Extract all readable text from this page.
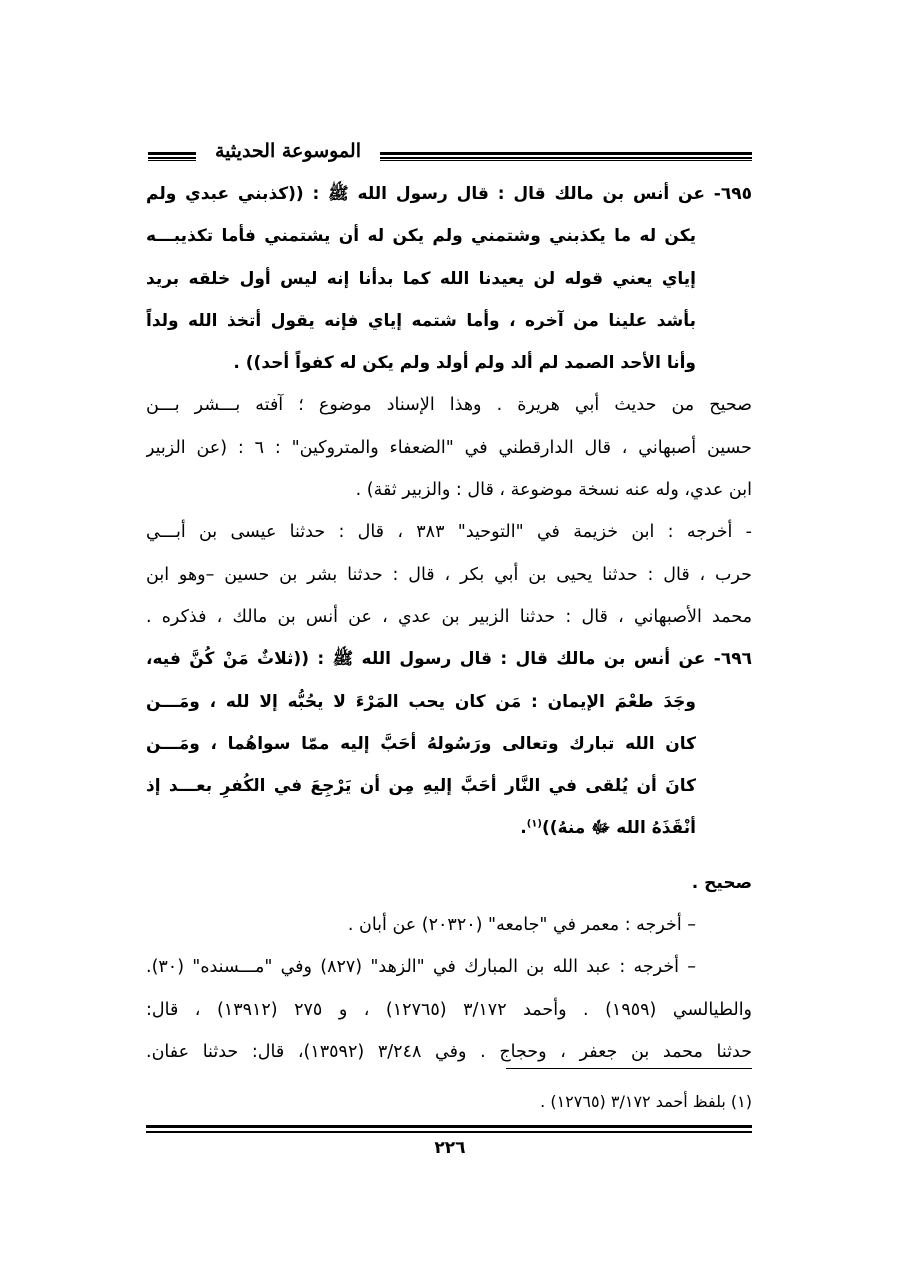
الموسوعة الحديثية
٦٩٥- عن أنس بن مالك قال : قال رسول الله ﷺ : ((كذبني عبدي ولم
يكن له ما يكذبني وشتمني ولم يكن له أن يشتمني فأما تكذيبـــه
إياي يعني قوله لن يعيدنا الله كما بدأنا إنه ليس أول خلقه بريد
بأشد علينا من آخره ، وأما شتمه إياي فإنه يقول أتخذ الله ولداً
وأنا الأحد الصمد لم ألد ولم أولد ولم يكن له كفواً أحد)) .
صحيح من حديث أبي هريرة . وهذا الإسناد موضوع ؛ آفته بـــشر بـــن
حسين أصبهاني ، قال الدارقطني في "الضعفاء والمتروكين" : ٦ : (عن الزبير
ابن عدي، وله عنه نسخة موضوعة ، قال : والزبير ثقة) .
- أخرجه : ابن خزيمة في "التوحيد" ٣٨٣ ، قال : حدثنا عيسى بن أبـــي
حرب ، قال : حدثنا يحيى بن أبي بكر ، قال : حدثنا بشر بن حسين –وهو ابن
محمد الأصبهاني ، قال : حدثنا الزبير بن عدي ، عن أنس بن مالك ، فذكره .
٦٩٦- عن أنس بن مالك قال : قال رسول الله ﷺ : ((ثلاثٌ مَنْ كُنَّ فيه،
وجَدَ طعْمَ الإيمان : مَن كان يحب المَرْءَ لا يحُبُّه إلا لله ، ومَـــن
كان الله تبارك وتعالى ورَسُولهُ أحَبَّ إليه ممّا سواهُما ، ومَـــن
كانَ أن يُلقى في النَّار أحَبَّ إليهِ مِن أن يَرْجِعَ في الكُفرِ بعـــد إذ
أنْقَذَهُ الله ﷻ منهُ))$^{(١)}$.
صحيح .
– أخرجه : معمر في "جامعه" (٢٠٣٢٠) عن أبان .
– أخرجه : عبد الله بن المبارك في "الزهد" (٨٢٧) وفي "مـــسنده" (٣٠).
والطيالسي (١٩٥٩) . وأحمد ٣/١٧٢ (١٢٧٦٥) ، و ٢٧٥ (١٣٩١٢) ، قال:
حدثنا محمد بن جعفر ، وحجاج . وفي ٣/٢٤٨ (١٣٥٩٢)، قال: حدثنا عفان.
(١) بلفظ أحمد ٣/١٧٢ (١٢٧٦٥) .
٢٢٦
